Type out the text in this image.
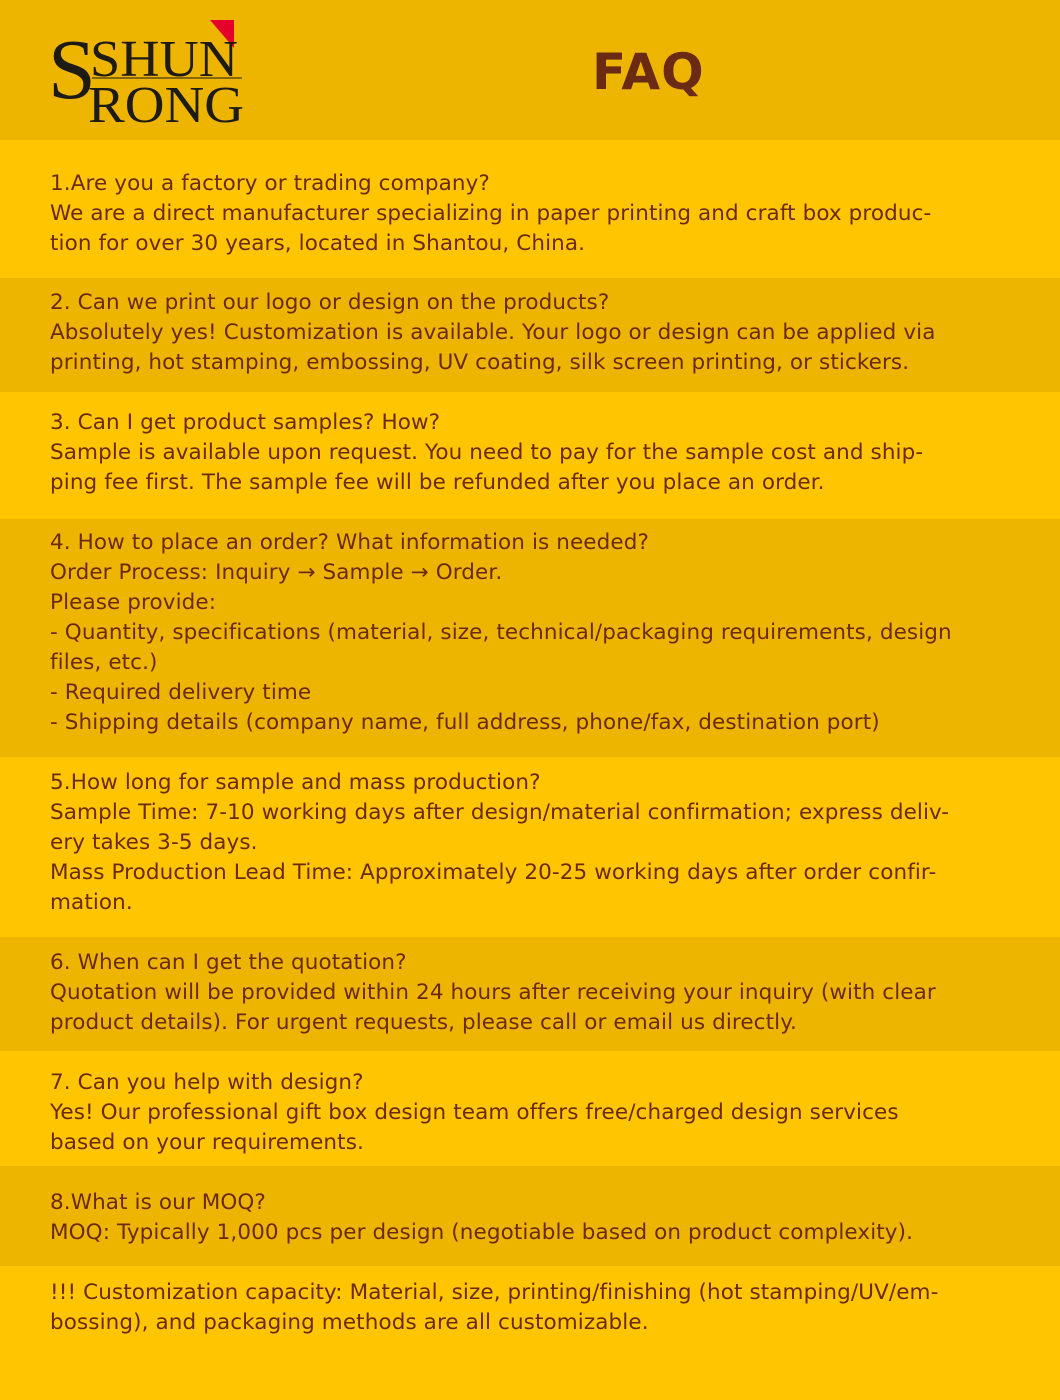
S
SHUN
RONG
FAQ
1.Are you a factory or trading company?
We are a direct manufacturer specializing in paper printing and craft box produc-
tion for over 30 years, located in Shantou, China.
2. Can we print our logo or design on the products?
Absolutely yes! Customization is available. Your logo or design can be applied via
printing, hot stamping, embossing, UV coating, silk screen printing, or stickers.
3. Can I get product samples? How?
Sample is available upon request. You need to pay for the sample cost and ship-
ping fee first. The sample fee will be refunded after you place an order.
4. How to place an order? What information is needed?
Order Process: Inquiry → Sample → Order.
Please provide:
- Quantity, specifications (material, size, technical/packaging requirements, design
files, etc.)
- Required delivery time
- Shipping details (company name, full address, phone/fax, destination port)
5.How long for sample and mass production?
Sample Time: 7-10 working days after design/material confirmation; express deliv-
ery takes 3-5 days.
Mass Production Lead Time: Approximately 20-25 working days after order confir-
mation.
6. When can I get the quotation?
Quotation will be provided within 24 hours after receiving your inquiry (with clear
product details). For urgent requests, please call or email us directly.
7. Can you help with design?
Yes! Our professional gift box design team offers free/charged design services
based on your requirements.
8.What is our MOQ?
MOQ: Typically 1,000 pcs per design (negotiable based on product complexity).
!!! Customization capacity: Material, size, printing/finishing (hot stamping/UV/em-
bossing), and packaging methods are all customizable.
